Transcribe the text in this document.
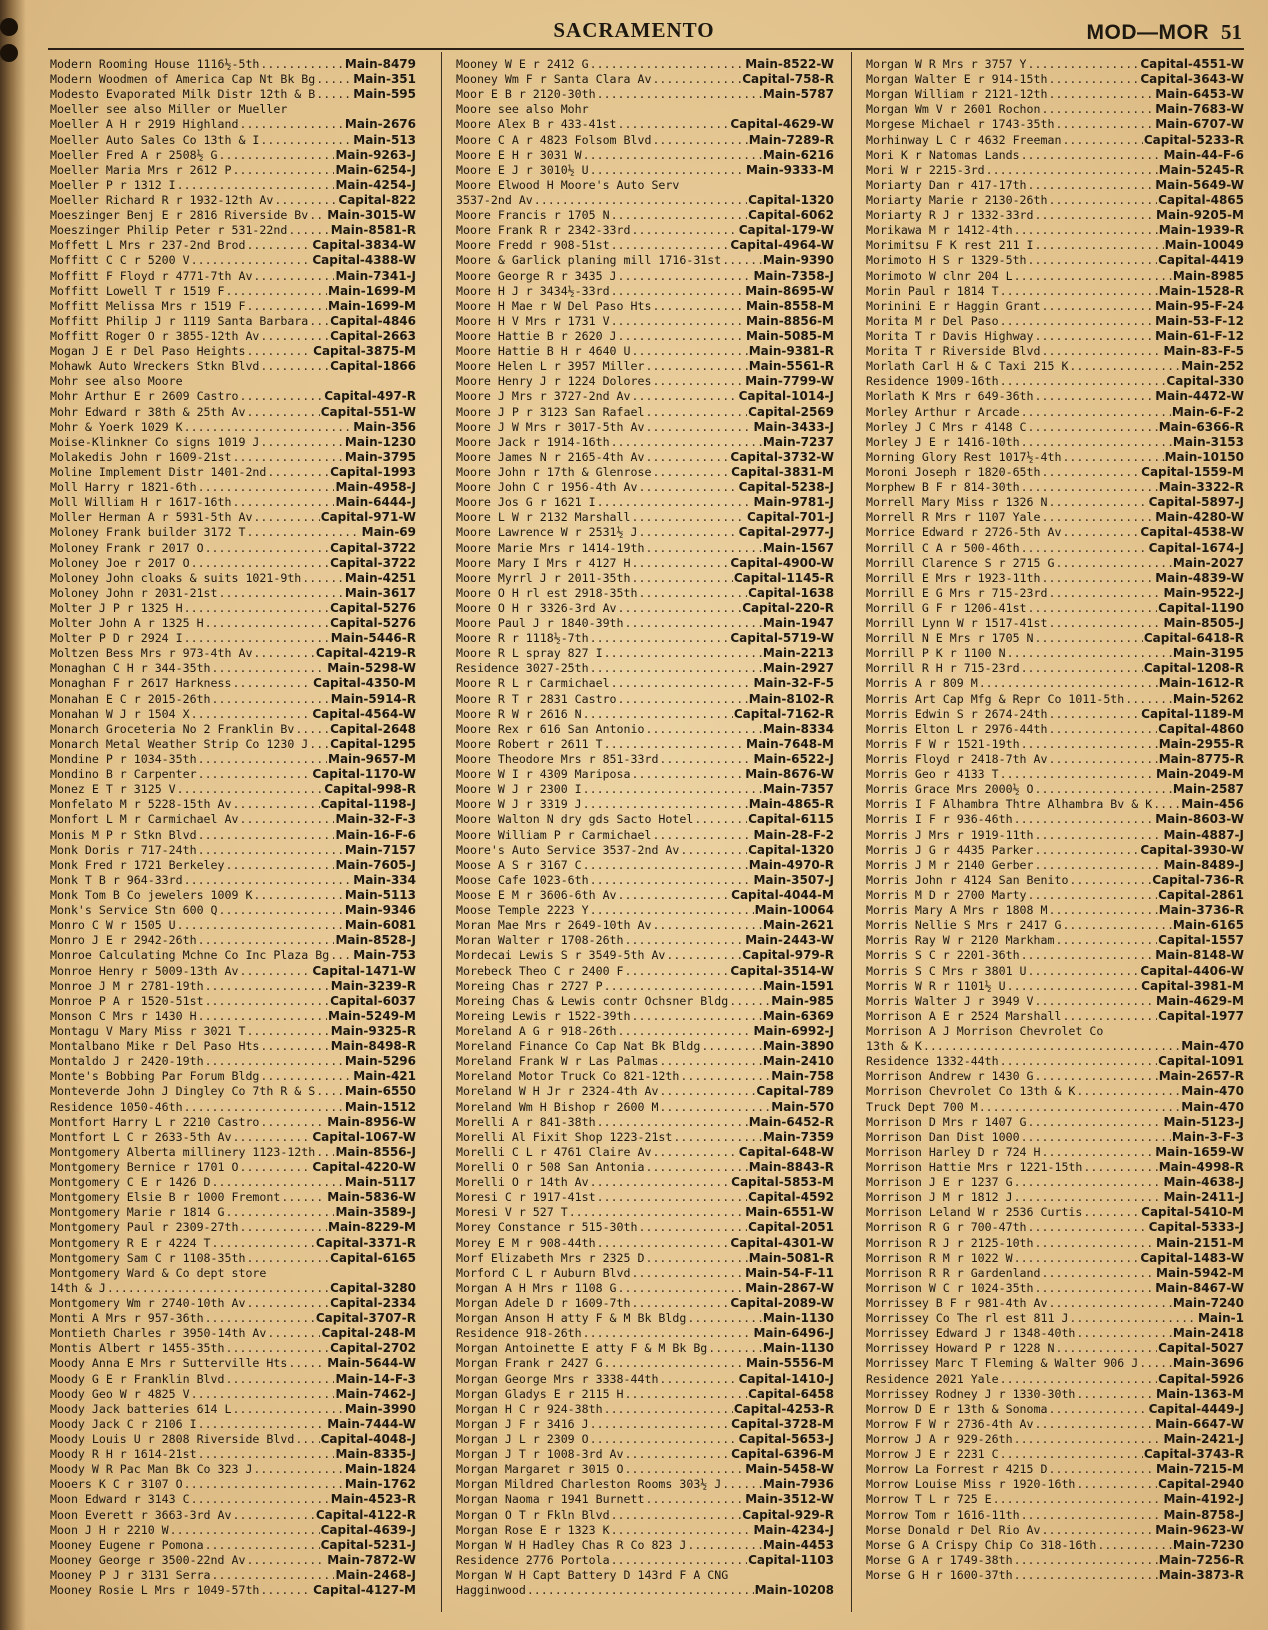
SACRAMENTO	MOD—MOR 51
Modern Rooming House 1116½-5th .....	Main-8479
Modern Woodmen of America Cap Nt Bk Bg .....	Main-351
Modesto Evaporated Milk Distr 12th & B .....	Main-595
Moeller see also Miller or Mueller
Moeller A H r 2919 Highland .....	Main-2676
Moeller Auto Sales Co 13th & I .....	Main-513
Moeller Fred A r 2508½ G .....	Main-9263-J
Moeller Maria Mrs r 2612 P .....	Main-6254-J
Moeller P r 1312 I .....	Main-4254-J
Moeller Richard R r 1932-12th Av .....	Capital-822
Moeszinger Benj E r 2816 Riverside Bv ..... Main-3015-W
Moeszinger Philip Peter r 531-22nd .....	Main-8581-R
Moffett L Mrs r 237-2nd Brod .....	Capital-3834-W
Moffitt C C r 5200 V .....	Capital-4388-W
Moffitt F Floyd r 4771-7th Av .....	Main-7341-J
Moffitt Lowell T r 1519 F .....	Main-1699-M
Moffitt Melissa Mrs r 1519 F .....	Main-1699-M
Moffitt Philip J r 1119 Santa Barbara ..... Capital-4846
Moffitt Roger O r 3855-12th Av .....	Capital-2663
Mogan J E r Del Paso Heights .....	Capital-3875-M
Mohawk Auto Wreckers Stkn Blvd .....	Capital-1866
Mohr see also Moore
Mohr Arthur E r 2609 Castro .....	Capital-497-R
Mohr Edward r 38th & 25th Av .....	Capital-551-W
Mohr & Yoerk 1029 K .....	Main-356
Moise-Klinkner Co signs 1019 J .....	Main-1230
Molakedis John r 1609-21st .....	Main-3795
Moline Implement Distr 1401-2nd .....	Capital-1993
Moll Harry r 1821-6th .....	Main-4958-J
Moll William H r 1617-16th .....	Main-6444-J
Moller Herman A r 5931-5th Av .....	Capital-971-W
Moloney Frank builder 3172 T .....	Main-69
Moloney Frank r 2017 O .....	Capital-3722
Moloney Joe r 2017 O .....	Capital-3722
Moloney John cloaks & suits 1021-9th .....	Main-4251
Moloney John r 2031-21st .....	Main-3617
Molter J P r 1325 H .....	Capital-5276
Molter John A r 1325 H .....	Capital-5276
Molter P D r 2924 I .....	Main-5446-R
Moltzen Bess Mrs r 973-4th Av .....	Capital-4219-R
Monaghan C H r 344-35th .....	Main-5298-W
Monaghan F r 2617 Harkness .....	Capital-4350-M
Monahan E C r 2015-26th .....	Main-5914-R
Monahan W J r 1504 X .....	Capital-4564-W
Monarch Groceteria No 2 Franklin Bv .....	Capital-2648
Monarch Metal Weather Strip Co 1230 J ..... Capital-1295
Mondine P r 1034-35th .....	Main-9657-M
Mondino B r Carpenter .....	Capital-1170-W
Monez E T r 3125 V .....	Capital-998-R
Monfelato M r 5228-15th Av .....	Capital-1198-J
Monfort L M r Carmichael Av .....	Main-32-F-3
Monis M P r Stkn Blvd .....	Main-16-F-6
Monk Doris r 717-24th .....	Main-7157
Monk Fred r 1721 Berkeley .....	Main-7605-J
Monk T B r 964-33rd .....	Main-334
Monk Tom B Co jewelers 1009 K .....	Main-5113
Monk's Service Stn 600 Q .....	Main-9346
Monro C W r 1505 U .....	Main-6081
Monro J E r 2942-26th .....	Main-8528-J
Monroe Calculating Mchne Co Inc Plaza Bg ..... Main-753
Monroe Henry r 5009-13th Av .....	Capital-1471-W
Monroe J M r 2781-19th .....	Main-3239-R
Monroe P A r 1520-51st .....	Capital-6037
Monson C Mrs r 1430 H .....	Main-5249-M
Montagu V Mary Miss r 3021 T .....	Main-9325-R
Montalbano Mike r Del Paso Hts .....	Main-8498-R
Montaldo J r 2420-19th .....	Main-5296
Monte's Bobbing Par Forum Bldg .....	Main-421
Monteverde John J Dingley Co 7th R & S ..... Main-6550
Residence 1050-46th .....	Main-1512
Montfort Harry L r 2210 Castro .....	Main-8956-W
Montfort L C r 2633-5th Av .....	Capital-1067-W
Montgomery Alberta millinery 1123-12th ..... Main-8556-J
Montgomery Bernice r 1701 O .....	Capital-4220-W
Montgomery C E r 1426 D .....	Main-5117
Montgomery Elsie B r 1000 Fremont .....	Main-5836-W
Montgomery Marie r 1814 G .....	Main-3589-J
Montgomery Paul r 2309-27th .....	Main-8229-M
Montgomery R E r 4224 T .....	Capital-3371-R
Montgomery Sam C r 1108-35th .....	Capital-6165
Montgomery Ward & Co dept store
14th & J .....	Capital-3280
Montgomery Wm r 2740-10th Av .....	Capital-2334
Monti A Mrs r 957-36th .....	Capital-3707-R
Montieth Charles r 3950-14th Av .....	Capital-248-M
Montis Albert r 1455-35th .....	Capital-2702
Moody Anna E Mrs r Sutterville Hts .....	Main-5644-W
Moody G E r Franklin Blvd .....	Main-14-F-3
Moody Geo W r 4825 V .....	Main-7462-J
Moody Jack batteries 614 L .....	Main-3990
Moody Jack C r 2106 I .....	Main-7444-W
Moody Louis U r 2808 Riverside Blvd ..... Capital-4048-J
Moody R H r 1614-21st .....	Main-8335-J
Moody W R Pac Man Bk Co 323 J .....	Main-1824
Mooers K C r 3107 O .....	Main-1762
Moon Edward r 3143 C .....	Main-4523-R
Moon Everett r 3663-3rd Av .....	Capital-4122-R
Moon J H r 2210 W .....	Capital-4639-J
Mooney Eugene r Pomona .....	Capital-5231-J
Mooney George r 3500-22nd Av .....	Main-7872-W
Mooney P J r 3131 Serra .....	Main-2468-J
Mooney Rosie L Mrs r 1049-57th .....	Capital-4127-M
Mooney W E r 2412 G .....	Main-8522-W
Mooney Wm F r Santa Clara Av .....	Capital-758-R
Moor E B r 2120-30th .....	Main-5787
Moore see also Mohr
Moore Alex B r 433-41st .....	Capital-4629-W
Moore C A r 4823 Folsom Blvd .....	Main-7289-R
Moore E H r 3031 W .....	Main-6216
Moore E J r 3010½ U .....	Main-9333-M
Moore Elwood H Moore's Auto Serv
3537-2nd Av .....	Capital-1320
Moore Francis r 1705 N .....	Capital-6062
Moore Frank R r 2342-33rd .....	Capital-179-W
Moore Fredd r 908-51st .....	Capital-4964-W
Moore & Garlick planing mill 1716-31st .....	Main-9390
Moore George R r 3435 J .....	Main-7358-J
Moore H J r 3434½-33rd .....	Main-8695-W
Moore H Mae r W Del Paso Hts .....	Main-8558-M
Moore H V Mrs r 1731 V .....	Main-8856-M
Moore Hattie B r 2620 J .....	Main-5085-M
Moore Hattie B H r 4640 U .....	Main-9381-R
Moore Helen L r 3957 Miller .....	Main-5561-R
Moore Henry J r 1224 Dolores .....	Main-7799-W
Moore J Mrs r 3727-2nd Av .....	Capital-1014-J
Moore J P r 3123 San Rafael .....	Capital-2569
Moore J W Mrs r 3017-5th Av .....	Main-3433-J
Moore Jack r 1914-16th .....	Main-7237
Moore James N r 2165-4th Av .....	Capital-3732-W
Moore John r 17th & Glenrose .....	Capital-3831-M
Moore John C r 1956-4th Av .....	Capital-5238-J
Moore Jos G r 1621 I .....	Main-9781-J
Moore L W r 2132 Marshall .....	Capital-701-J
Moore Lawrence W r 2531½ J .....	Capital-2977-J
Moore Marie Mrs r 1414-19th .....	Main-1567
Moore Mary I Mrs r 4127 H .....	Capital-4900-W
Moore Myrrl J r 2011-35th .....	Capital-1145-R
Moore O H rl est 2918-35th .....	Capital-1638
Moore O H r 3326-3rd Av .....	Capital-220-R
Moore Paul J r 1840-39th .....	Main-1947
Moore R r 1118½-7th .....	Capital-5719-W
Moore R L spray 827 I .....	Main-2213
Residence 3027-25th .....	Main-2927
Moore R L r Carmichael .....	Main-32-F-5
Moore R T r 2831 Castro .....	Main-8102-R
Moore R W r 2616 N .....	Capital-7162-R
Moore Rex r 616 San Antonio .....	Main-8334
Moore Robert r 2611 T .....	Main-7648-M
Moore Theodore Mrs r 851-33rd .....	Main-6522-J
Moore W I r 4309 Mariposa .....	Main-8676-W
Moore W J r 2300 I .....	Main-7357
Moore W J r 3319 J .....	Main-4865-R
Moore Walton N dry gds Sacto Hotel .....	Capital-6115
Moore William P r Carmichael .....	Main-28-F-2
Moore's Auto Service 3537-2nd Av .....	Capital-1320
Moose A S r 3167 C .....	Main-4970-R
Moose Cafe 1023-6th .....	Main-3507-J
Moose E M r 3606-6th Av .....	Capital-4044-M
Moose Temple 2223 Y .....	Main-10064
Moran Mae Mrs r 2649-10th Av .....	Main-2621
Moran Walter r 1708-26th .....	Main-2443-W
Mordecai Lewis S r 3549-5th Av .....	Capital-979-R
Morebeck Theo C r 2400 F .....	Capital-3514-W
Moreing Chas r 2727 P .....	Main-1591
Moreing Chas & Lewis contr Ochsner Bldg .....	Main-985
Moreing Lewis r 1522-39th .....	Main-6369
Moreland A G r 918-26th .....	Main-6992-J
Moreland Finance Co Cap Nat Bk Bldg .....	Main-3890
Moreland Frank W r Las Palmas .....	Main-2410
Moreland Motor Truck Co 821-12th .....	Main-758
Moreland W H Jr r 2324-4th Av .....	Capital-789
Moreland Wm H Bishop r 2600 M .....	Main-570
Morelli A r 841-38th .....	Main-6452-R
Morelli Al Fixit Shop 1223-21st .....	Main-7359
Morelli C L r 4761 Claire Av .....	Capital-648-W
Morelli O r 508 San Antonia .....	Main-8843-R
Morelli O r 14th Av .....	Capital-5853-M
Moresi C r 1917-41st .....	Capital-4592
Moresi V r 527 T .....	Main-6551-W
Morey Constance r 515-30th .....	Capital-2051
Morey E M r 908-44th .....	Capital-4301-W
Morf Elizabeth Mrs r 2325 D .....	Main-5081-R
Morford C L r Auburn Blvd .....	Main-54-F-11
Morgan A H Mrs r 1108 G .....	Main-2867-W
Morgan Adele D r 1609-7th .....	Capital-2089-W
Morgan Anson H atty F & M Bk Bldg .....	Main-1130
Residence 918-26th .....	Main-6496-J
Morgan Antoinette E atty F & M Bk Bg .....	Main-1130
Morgan Frank r 2427 G .....	Main-5556-M
Morgan George Mrs r 3338-44th .....	Capital-1410-J
Morgan Gladys E r 2115 H .....	Capital-6458
Morgan H C r 924-38th .....	Capital-4253-R
Morgan J F r 3416 J .....	Capital-3728-M
Morgan J L r 2309 O .....	Capital-5653-J
Morgan J T r 1008-3rd Av .....	Capital-6396-M
Morgan Margaret r 3015 O .....	Main-5458-W
Morgan Mildred Charleston Rooms 303½ J .....	Main-7936
Morgan Naoma r 1941 Burnett .....	Main-3512-W
Morgan O T r Fkln Blvd .....	Capital-929-R
Morgan Rose E r 1323 K .....	Main-4234-J
Morgan W H Hadley Chas R Co 823 J .....	Main-4453
Residence 2776 Portola .....	Capital-1103
Morgan W H Capt Battery D 143rd F A CNG
Hagginwood .....	Main-10208
Morgan W R Mrs r 3757 Y .....	Capital-4551-W
Morgan Walter E r 914-15th .....	Capital-3643-W
Morgan William r 2121-12th .....	Main-6453-W
Morgan Wm V r 2601 Rochon .....	Main-7683-W
Morgese Michael r 1743-35th .....	Main-6707-W
Morhinway L C r 4632 Freeman .....	Capital-5233-R
Mori K r Natomas Lands .....	Main-44-F-6
Mori W r 2215-3rd .....	Main-5245-R
Moriarty Dan r 417-17th .....	Main-5649-W
Moriarty Marie r 2130-26th .....	Capital-4865
Moriarty R J r 1332-33rd .....	Main-9205-M
Morikawa M r 1412-4th .....	Main-1939-R
Morimitsu F K rest 211 I .....	Main-10049
Morimoto H S r 1329-5th .....	Capital-4419
Morimoto W clnr 204 L .....	Main-8985
Morin Paul r 1814 T .....	Main-1528-R
Morinini E r Haggin Grant .....	Main-95-F-24
Morita M r Del Paso .....	Main-53-F-12
Morita T r Davis Highway .....	Main-61-F-12
Morita T r Riverside Blvd .....	Main-83-F-5
Morlath Carl H & C Taxi 215 K .....	Main-252
Residence 1909-16th .....	Capital-330
Morlath K Mrs r 649-36th .....	Main-4472-W
Morley Arthur r Arcade .....	Main-6-F-2
Morley J C Mrs r 4148 C .....	Main-6366-R
Morley J E r 1416-10th .....	Main-3153
Morning Glory Rest 1017½-4th .....	Main-10150
Moroni Joseph r 1820-65th .....	Capital-1559-M
Morphew B F r 814-30th .....	Main-3322-R
Morrell Mary Miss r 1326 N .....	Capital-5897-J
Morrell R Mrs r 1107 Yale .....	Main-4280-W
Morrice Edward r 2726-5th Av .....	Capital-4538-W
Morrill C A r 500-46th .....	Capital-1674-J
Morrill Clarence S r 2715 G .....	Main-2027
Morrill E Mrs r 1923-11th .....	Main-4839-W
Morrill E G Mrs r 715-23rd .....	Main-9522-J
Morrill G F r 1206-41st .....	Capital-1190
Morrill Lynn W r 1517-41st .....	Main-8505-J
Morrill N E Mrs r 1705 N .....	Capital-6418-R
Morrill P K r 1100 N .....	Main-3195
Morrill R H r 715-23rd .....	Capital-1208-R
Morris A r 809 M .....	Main-1612-R
Morris Art Cap Mfg & Repr Co 1011-5th .....	Main-5262
Morris Edwin S r 2674-24th .....	Capital-1189-M
Morris Elton L r 2976-44th .....	Capital-4860
Morris F W r 1521-19th .....	Main-2955-R
Morris Floyd r 2418-7th Av .....	Main-8775-R
Morris Geo r 4133 T .....	Main-2049-M
Morris Grace Mrs 2000½ O .....	Main-2587
Morris I F Alhambra Thtre Alhambra Bv & K ..... Main-456
Morris I F r 936-46th .....	Main-8603-W
Morris J Mrs r 1919-11th .....	Main-4887-J
Morris J G r 4435 Parker .....	Capital-3930-W
Morris J M r 2140 Gerber .....	Main-8489-J
Morris John r 4124 San Benito .....	Capital-736-R
Morris M D r 2700 Marty .....	Capital-2861
Morris Mary A Mrs r 1808 M .....	Main-3736-R
Morris Nellie S Mrs r 2417 G .....	Main-6165
Morris Ray W r 2120 Markham .....	Capital-1557
Morris S C r 2201-36th .....	Main-8148-W
Morris S C Mrs r 3801 U .....	Capital-4406-W
Morris W R r 1101½ U .....	Capital-3981-M
Morris Walter J r 3949 V .....	Main-4629-M
Morrison A E r 2524 Marshall .....	Capital-1977
Morrison A J Morrison Chevrolet Co
13th & K .....	Main-470
Residence 1332-44th .....	Capital-1091
Morrison Andrew r 1430 G .....	Main-2657-R
Morrison Chevrolet Co 13th & K .....	Main-470
Truck Dept 700 M .....	Main-470
Morrison D Mrs r 1407 G .....	Main-5123-J
Morrison Dan Dist 1000 .....	Main-3-F-3
Morrison Harley D r 724 H .....	Main-1659-W
Morrison Hattie Mrs r 1221-15th .....	Main-4998-R
Morrison J E r 1237 G .....	Main-4638-J
Morrison J M r 1812 J .....	Main-2411-J
Morrison Leland W r 2536 Curtis .....	Capital-5410-M
Morrison R G r 700-47th .....	Capital-5333-J
Morrison R J r 2125-10th .....	Main-2151-M
Morrison R M r 1022 W .....	Capital-1483-W
Morrison R R r Gardenland .....	Main-5942-M
Morrison W C r 1024-35th .....	Main-8467-W
Morrissey B F r 981-4th Av .....	Main-7240
Morrissey Co The rl est 811 J .....	Main-1
Morrissey Edward J r 1348-40th .....	Main-2418
Morrissey Howard P r 1228 N .....	Capital-5027
Morrissey Marc T Fleming & Walter 906 J .....	Main-3696
Residence 2021 Yale .....	Capital-5926
Morrissey Rodney J r 1330-30th .....	Main-1363-M
Morrow D E r 13th & Sonoma .....	Capital-4449-J
Morrow F W r 2736-4th Av .....	Main-6647-W
Morrow J A r 929-26th .....	Main-2421-J
Morrow J E r 2231 C .....	Capital-3743-R
Morrow La Forrest r 4215 D .....	Main-7215-M
Morrow Louise Miss r 1920-16th .....	Capital-2940
Morrow T L r 725 E .....	Main-4192-J
Morrow Tom r 1616-11th .....	Main-8758-J
Morse Donald r Del Rio Av .....	Main-9623-W
Morse G A Crispy Chip Co 318-16th .....	Main-7230
Morse G A r 1749-38th .....	Main-7256-R
Morse G H r 1600-37th .....	Main-3873-R
